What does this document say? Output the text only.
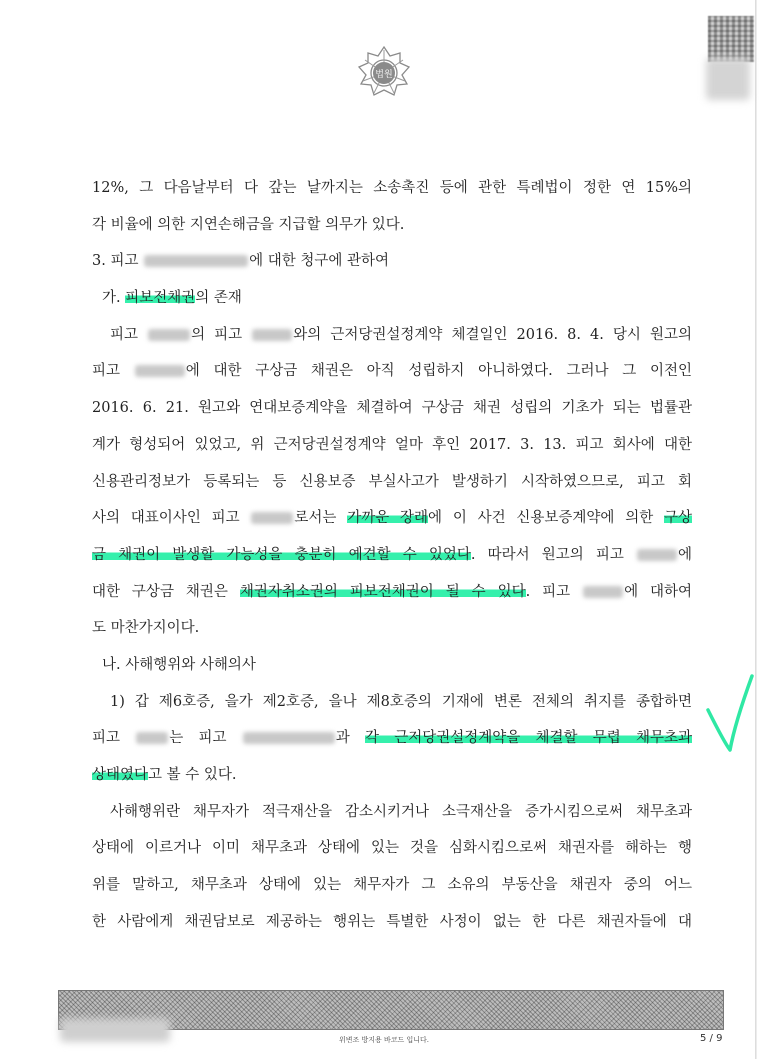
법원
12%, 그 다음날부터 다 갚는 날까지는 소송촉진 등에 관한 특례법이 정한 연 15%의
각 비율에 의한 지연손해금을 지급할 의무가 있다.
3. 피고	에 대한 청구에 관하여
가. 피보전채권의 존재
피고	의 피고	와의 근저당권설정계약 체결일인 2016. 8. 4. 당시 원고의
피고	에 대한 구상금 채권은 아직 성립하지 아니하였다. 그러나 그 이전인
2016. 6. 21. 원고와 연대보증계약을 체결하여 구상금 채권 성립의 기초가 되는 법률관
계가 형성되어 있었고, 위 근저당권설정계약 얼마 후인 2017. 3. 13. 피고 회사에 대한
신용관리정보가 등록되는 등 신용보증 부실사고가 발생하기 시작하였으므로, 피고 회
사의 대표이사인 피고	로서는 가까운 장래에 이 사건 신용보증계약에 의한 구상
금 채권이 발생할 가능성을 충분히 예견할 수 있었다. 따라서 원고의 피고	에
대한 구상금 채권은 채권자취소권의 피보전채권이 될 수 있다. 피고	에 대하여
도 마찬가지이다.
나. 사해행위와 사해의사
1) 갑 제6호증, 을가 제2호증, 을나 제8호증의 기재에 변론 전체의 취지를 종합하면
피고	는 피고	과 각 근저당권설정계약을 체결할 무렵 채무초과
상태였다고 볼 수 있다.
사해행위란 채무자가 적극재산을 감소시키거나 소극재산을 증가시킴으로써 채무초과
상태에 이르거나 이미 채무초과 상태에 있는 것을 심화시킴으로써 채권자를 해하는 행
위를 말하고, 채무초과 상태에 있는 채무자가 그 소유의 부동산을 채권자 중의 어느
한 사람에게 채권담보로 제공하는 행위는 특별한 사정이 없는 한 다른 채권자들에 대
위변조 방지용 바코드 입니다.	5 / 9
